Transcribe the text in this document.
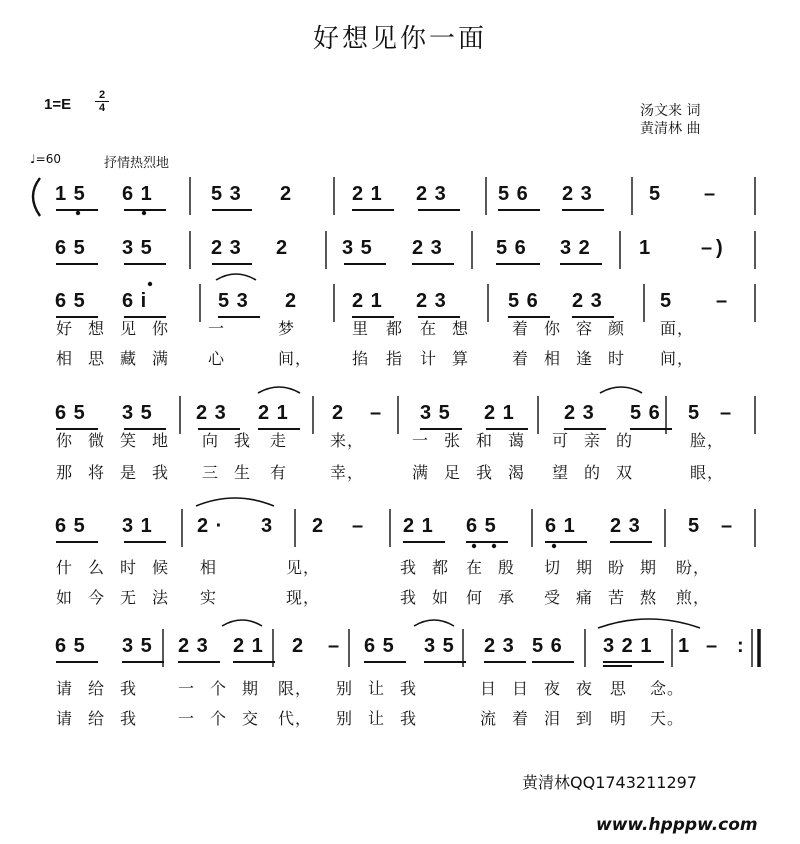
好想见你一面
1=E
2
4	汤文来 词
黄清林 曲
♩=60	抒情热烈地
1 5 6 1	5 3 2	2 1 2 3	5 6 2 3	5 –
6 5 3 5	2 3 2	3 5 2 3	5 6 3 2 1 – )
6 5 6 i	5 3 2	2 1 2 3	5 6 2 3	5 –
好 想 见 你 一	梦	里 都 在 想	着 你 容 颜 面，
相 思 藏 满 心	间， 掐 指 计 算	着 相 逢 时 间，
6 5 3 5 2 3 2 1 2 – 3 5 2 1 2 3 5 6 5 –
你 微 笑 地 向 我 走	来，	一 张 和 蔼 可 亲 的	脸，
那 将 是 我 三 生 有	幸，	满 足 我 渴 望 的 双	眼，
6 5 3 1 2 · 3 2 – 2 1 6 5 6 1 2 3 5 –
什 么 时 候 相	见，	我 都 在 殷 切 期 盼 期 盼，
如 今 无 法 实	现，	我 如 何 承 受 痛 苦 熬 煎，
6 5 3 5 2 3 2 1 2 – 6 5 3 5 2 3 5 6 3 2 1 1 – :
请 给 我	一 个 期 限， 别 让 我	日 日 夜 夜 思 念。
请 给 我	一 个 交 代， 别 让 我	流 着 泪 到 明 天。
黄清林QQ1743211297
www.hpppw.com
